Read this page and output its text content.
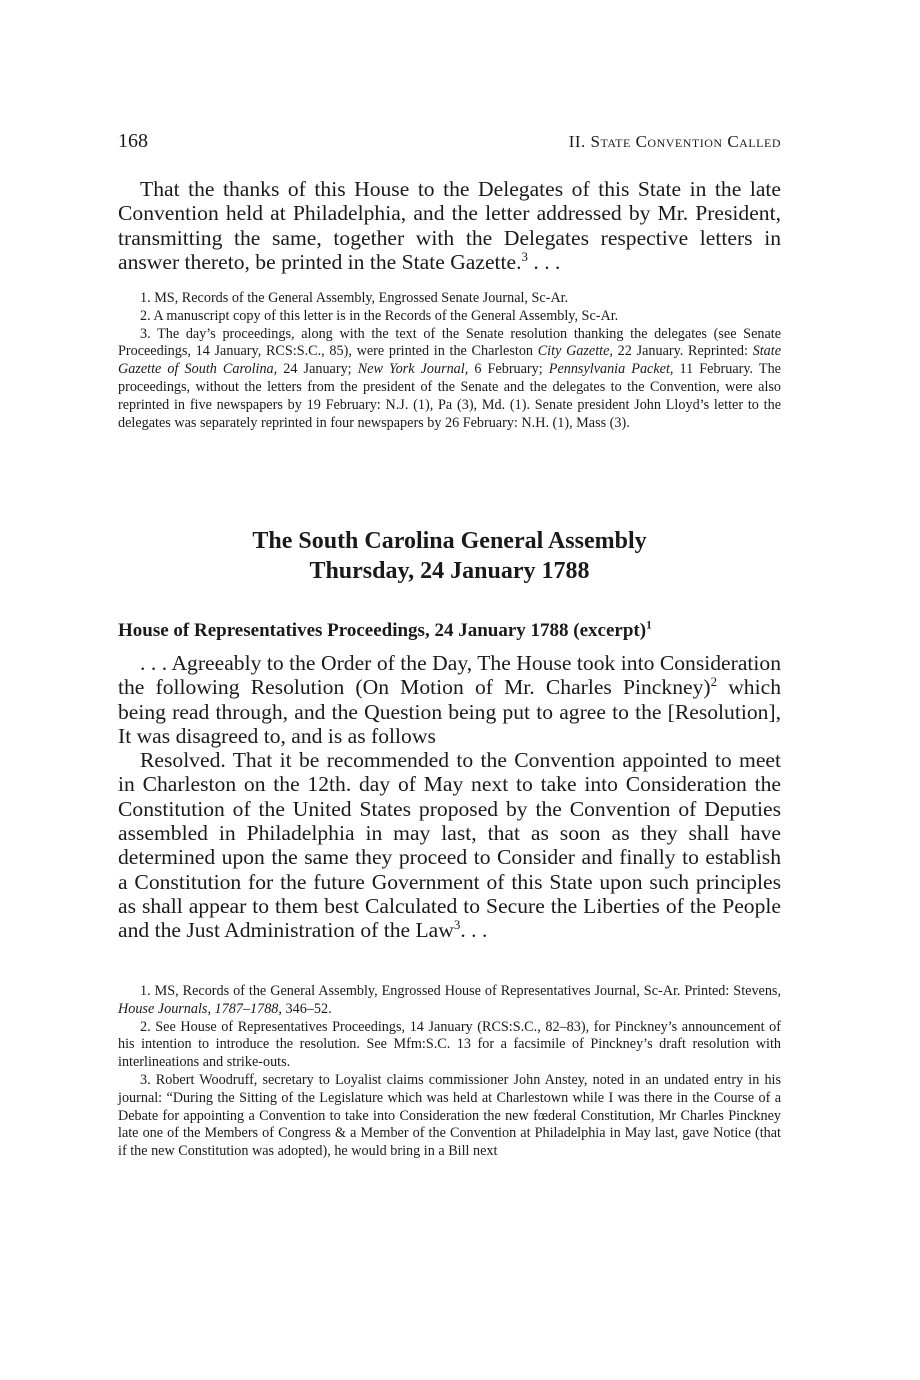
168	II. State Convention Called

That the thanks of this House to the Delegates of this State in the late Convention held at Philadelphia, and the letter addressed by Mr. President, transmitting the same, together with the Delegates respective letters in answer thereto, be printed in the State Gazette.$^3$ . . .

1. MS, Records of the General Assembly, Engrossed Senate Journal, Sc-Ar.

2. A manuscript copy of this letter is in the Records of the General Assembly, Sc-Ar.

3. The day’s proceedings, along with the text of the Senate resolution thanking the delegates (see Senate Proceedings, 14 January, RCS:S.C., 85), were printed in the Charleston City Gazette, 22 January. Reprinted: State Gazette of South Carolina, 24 January; New York Journal, 6 February; Pennsylvania Packet, 11 February. The proceedings, without the letters from the president of the Senate and the delegates to the Convention, were also reprinted in five newspapers by 19 February: N.J. (1), Pa (3), Md. (1). Senate president John Lloyd’s letter to the delegates was separately reprinted in four newspapers by 26 February: N.H. (1), Mass (3).

The South Carolina General Assembly
Thursday, 24 January 1788
House of Representatives Proceedings, 24 January 1788 (excerpt)$^1$

. . . Agreeably to the Order of the Day, The House took into Consideration the following Resolution (On Motion of Mr. Charles Pinckney)$^2$ which being read through, and the Question being put to agree to the [Resolution], It was disagreed to, and is as follows

Resolved. That it be recommended to the Convention appointed to meet in Charleston on the 12th. day of May next to take into Consideration the Constitution of the United States proposed by the Convention of Deputies assembled in Philadelphia in may last, that as soon as they shall have determined upon the same they proceed to Consider and finally to establish a Constitution for the future Government of this State upon such principles as shall appear to them best Calculated to Secure the Liberties of the People and the Just Administration of the Law$^3$. . .

1. MS, Records of the General Assembly, Engrossed House of Representatives Journal, Sc-Ar. Printed: Stevens, House Journals, 1787–1788, 346–52.

2. See House of Representatives Proceedings, 14 January (RCS:S.C., 82–83), for Pinckney’s announcement of his intention to introduce the resolution. See Mfm:S.C. 13 for a facsimile of Pinckney’s draft resolution with interlineations and strike-outs.

3. Robert Woodruff, secretary to Loyalist claims commissioner John Anstey, noted in an undated entry in his journal: “During the Sitting of the Legislature which was held at Charlestown while I was there in the Course of a Debate for appointing a Convention to take into Consideration the new fœderal Constitution, Mr Charles Pinckney late one of the Members of Congress & a Member of the Convention at Philadelphia in May last, gave Notice (that if the new Constitution was adopted), he would bring in a Bill next
